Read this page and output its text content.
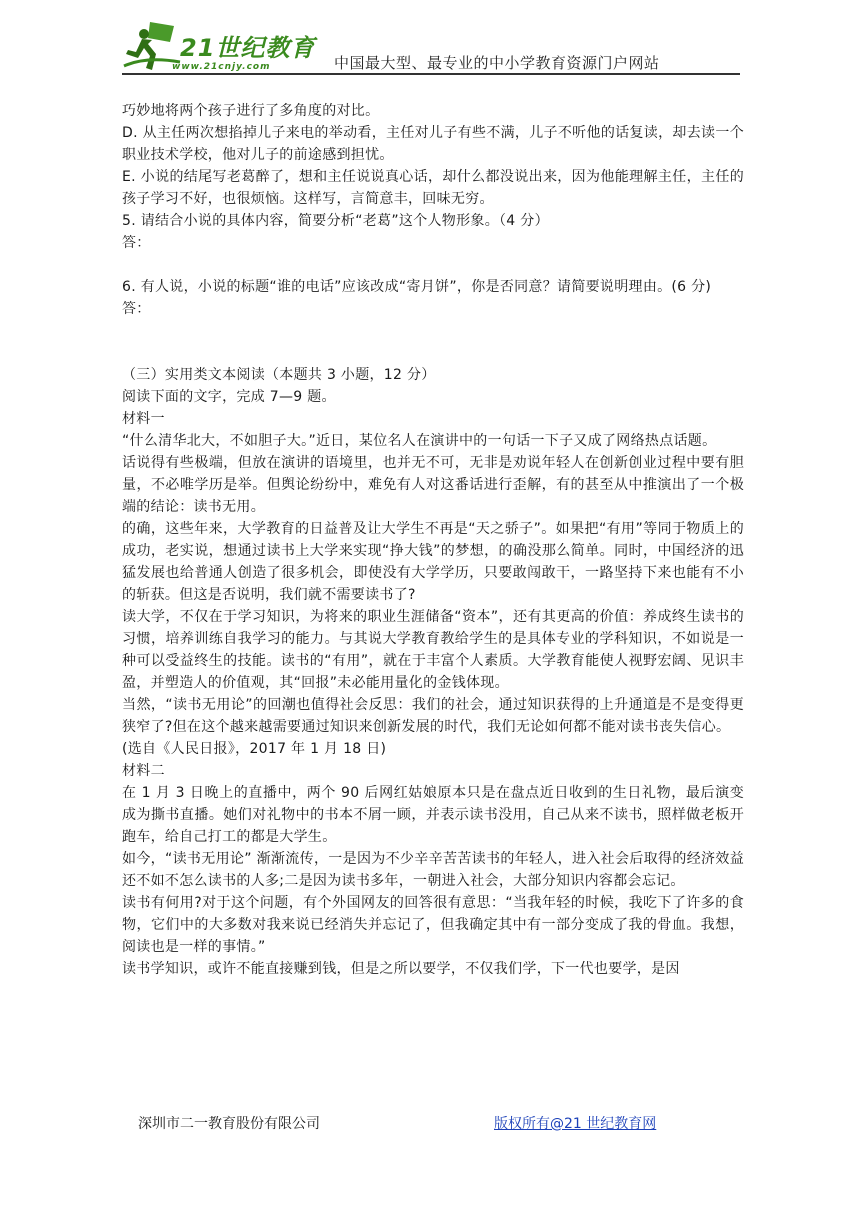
21世纪教育
www.21cnjy.com	中国最大型、最专业的中小学教育资源门户网站

巧妙地将两个孩子进行了多角度的对比。

D. 从主任两次想掐掉儿子来电的举动看，主任对儿子有些不满，儿子不听他的话复读，却去读一个职业技术学校，他对儿子的前途感到担忧。

E. 小说的结尾写老葛醉了，想和主任说说真心话，却什么都没说出来，因为他能理解主任，主任的孩子学习不好，也很烦恼。这样写，言简意丰，回味无穷。

5. 请结合小说的具体内容，简要分析“老葛”这个人物形象。（4 分）

答：

6. 有人说，小说的标题“谁的电话”应该改成“寄月饼”，你是否同意？请简要说明理由。(6 分)

答：

（三）实用类文本阅读（本题共 3 小题，12 分）

阅读下面的文字，完成 7—9 题。

材料一

“什么清华北大，不如胆子大。”近日，某位名人在演讲中的一句话一下子又成了网络热点话题。

话说得有些极端，但放在演讲的语境里，也并无不可，无非是劝说年轻人在创新创业过程中要有胆量，不必唯学历是举。但舆论纷纷中，难免有人对这番话进行歪解，有的甚至从中推演出了一个极端的结论：读书无用。

的确，这些年来，大学教育的日益普及让大学生不再是“天之骄子”。如果把“有用”等同于物质上的成功，老实说，想通过读书上大学来实现“挣大钱”的梦想，的确没那么简单。同时，中国经济的迅猛发展也给普通人创造了很多机会，即使没有大学学历，只要敢闯敢干，一路坚持下来也能有不小的斩获。但这是否说明，我们就不需要读书了?

读大学，不仅在于学习知识，为将来的职业生涯储备“资本”，还有其更高的价值：养成终生读书的习惯，培养训练自我学习的能力。与其说大学教育教给学生的是具体专业的学科知识，不如说是一种可以受益终生的技能。读书的“有用”，就在于丰富个人素质。大学教育能使人视野宏阔、见识丰盈，并塑造人的价值观，其“回报”未必能用量化的金钱体现。

当然，“读书无用论”的回潮也值得社会反思：我们的社会，通过知识获得的上升通道是不是变得更狭窄了?但在这个越来越需要通过知识来创新发展的时代，我们无论如何都不能对读书丧失信心。

(选自《人民日报》，2017 年 1 月 18 日)

材料二

在 1 月 3 日晚上的直播中，两个 90 后网红姑娘原本只是在盘点近日收到的生日礼物，最后演变成为撕书直播。她们对礼物中的书本不屑一顾，并表示读书没用，自己从来不读书，照样做老板开跑车，给自己打工的都是大学生。

如今，“读书无用论” 渐渐流传，一是因为不少辛辛苦苦读书的年轻人，进入社会后取得的经济效益还不如不怎么读书的人多;二是因为读书多年，一朝进入社会，大部分知识内容都会忘记。

读书有何用?对于这个问题，有个外国网友的回答很有意思：“当我年轻的时候，我吃下了许多的食物，它们中的大多数对我来说已经消失并忘记了，但我确定其中有一部分变成了我的骨血。我想，阅读也是一样的事情。”

读书学知识，或许不能直接赚到钱，但是之所以要学，不仅我们学，下一代也要学，是因

深圳市二一教育股份有限公司	版权所有@21 世纪教育网
